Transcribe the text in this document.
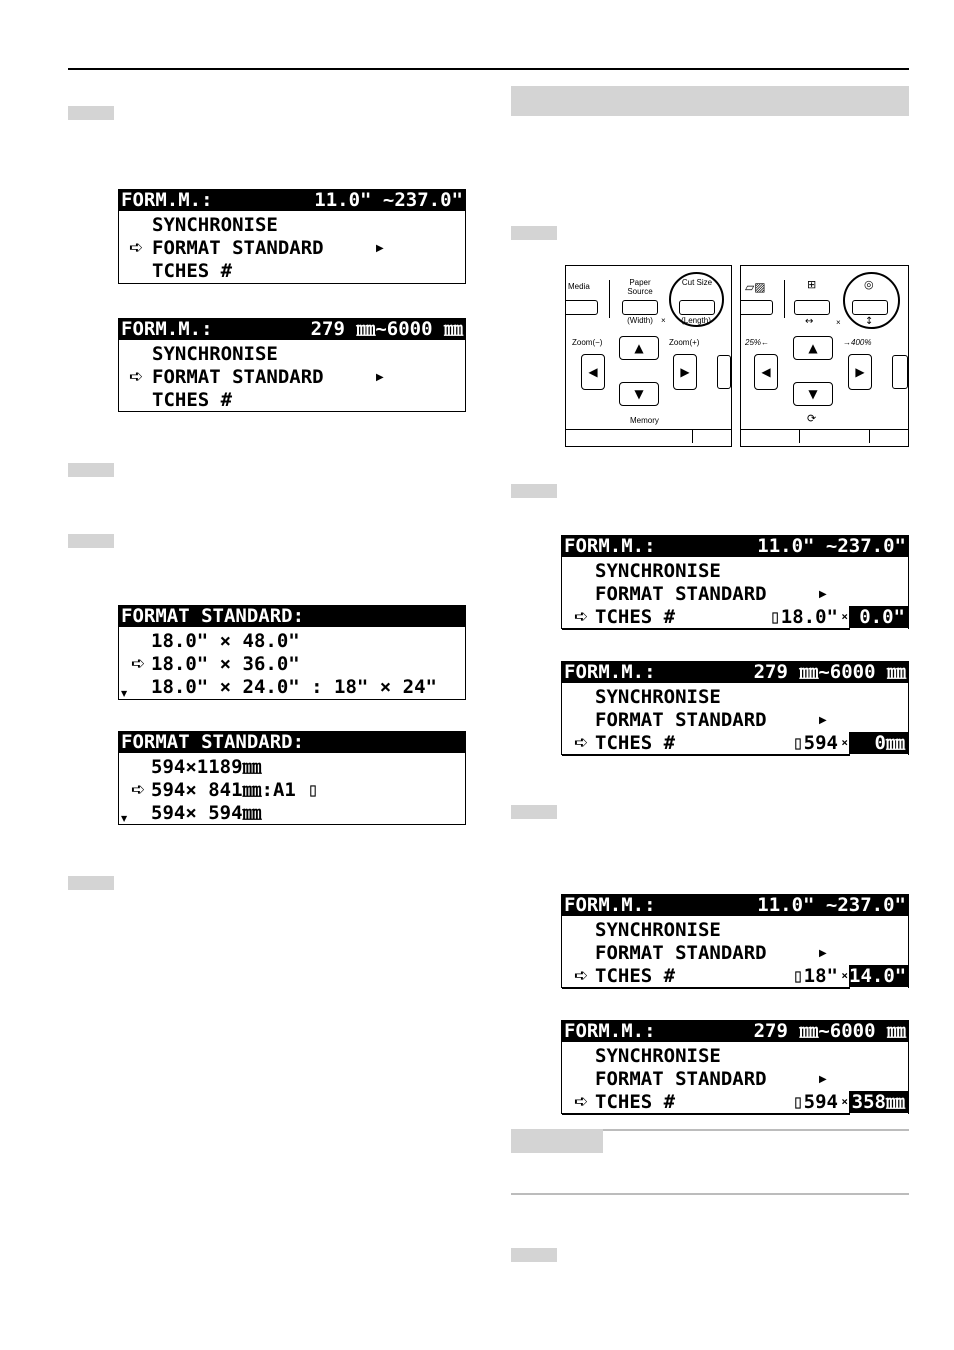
FORM.M.:	11.0" ~237.0"
SYNCHRONISE
➪ FORMAT STANDARD	▶
TCHES #
FORM.M.:	279 ㎜~6000 ㎜
SYNCHRONISE
➪ FORMAT STANDARD	▶
TCHES #
FORMAT STANDARD:
18.0" × 48.0"
➪ 18.0" × 36.0"
▼ 18.0" × 24.0" : 18" × 24"
FORMAT STANDARD:
594×1189㎜
➪ 594× 841㎜:A1 ▯
▼ 594× 594㎜
Media	Paper Source
(Width)	×
Cut Size
(Length)
Zoom(−)	Zoom(+)
◀
▲
▼
▶
Memory
▱▨	⊞
↔	×
◎
↕
25%←	→400%
◀
▲
▼
▶
⟳
FORM.M.:	11.0" ~237.0"
SYNCHRONISE
FORMAT STANDARD	▶
➪ TCHES #	▯18.0" × 0.0"
FORM.M.:	279 ㎜~6000 ㎜
SYNCHRONISE
FORMAT STANDARD	▶
➪ TCHES #	▯594 ×	0㎜
FORM.M.:	11.0" ~237.0"
SYNCHRONISE
FORMAT STANDARD	▶
➪ TCHES #	▯18" × 14.0"
FORM.M.:	279 ㎜~6000 ㎜
SYNCHRONISE
FORMAT STANDARD	▶
➪ TCHES #	▯594 × 358㎜
